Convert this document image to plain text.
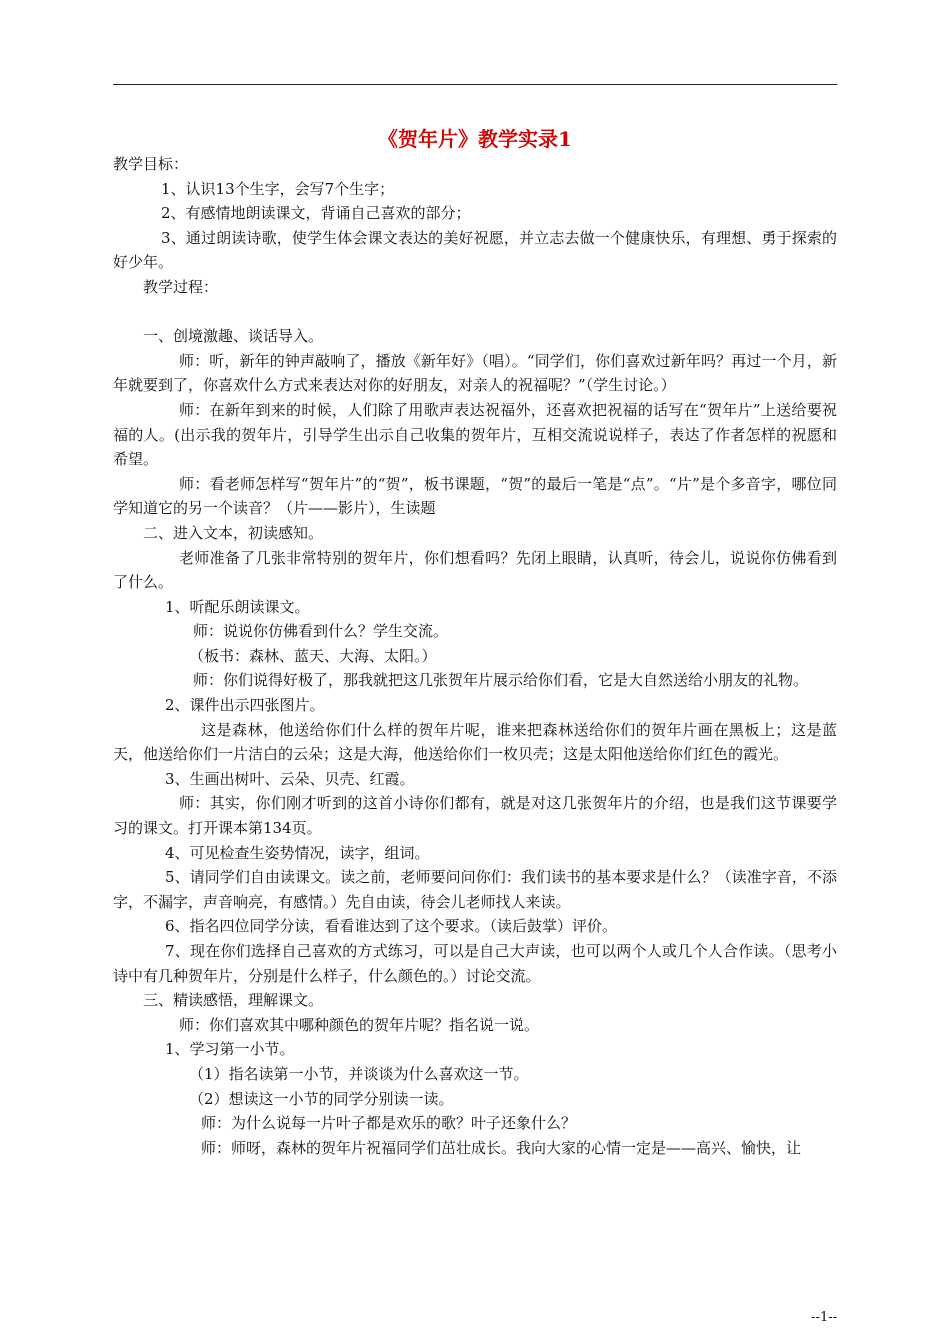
《贺年片》教学实录1

教学目标：

1、认识13个生字，会写7个生字；

2、有感情地朗读课文，背诵自己喜欢的部分；

3、通过朗读诗歌，使学生体会课文表达的美好祝愿，并立志去做一个健康快乐，有理想、勇于探索的好少年。

教学过程：

一、创境激趣、谈话导入。

师：听，新年的钟声敲响了，播放《新年好》（唱）。“同学们，你们喜欢过新年吗？再过一个月，新年就要到了，你喜欢什么方式来表达对你的好朋友，对亲人的祝福呢？”（学生讨论。）

师：在新年到来的时候，人们除了用歌声表达祝福外，还喜欢把祝福的话写在“贺年片”上送给要祝福的人。(出示我的贺年片，引导学生出示自己收集的贺年片，互相交流说说样子，表达了作者怎样的祝愿和希望。

师：看老师怎样写“贺年片”的“贺”，板书课题，“贺”的最后一笔是“点”。“片”是个多音字，哪位同学知道它的另一个读音？（片——影片），生读题

二、进入文本，初读感知。

老师准备了几张非常特别的贺年片，你们想看吗？先闭上眼睛，认真听，待会儿，说说你仿佛看到了什么。

1、听配乐朗读课文。

师：说说你仿佛看到什么？学生交流。

（板书：森林、蓝天、大海、太阳。）

师：你们说得好极了，那我就把这几张贺年片展示给你们看，它是大自然送给小朋友的礼物。

2、课件出示四张图片。

这是森林，他送给你们什么样的贺年片呢，谁来把森林送给你们的贺年片画在黑板上；这是蓝天，他送给你们一片洁白的云朵；这是大海，他送给你们一枚贝壳；这是太阳他送给你们红色的霞光。

3、生画出树叶、云朵、贝壳、红霞。

师：其实，你们刚才听到的这首小诗你们都有，就是对这几张贺年片的介绍，也是我们这节课要学习的课文。打开课本第134页。

4、可见检查生姿势情况，读字，组词。

5、请同学们自由读课文。读之前，老师要问问你们：我们读书的基本要求是什么？（读准字音，不添字，不漏字，声音响亮，有感情。）先自由读，待会儿老师找人来读。

6、指名四位同学分读，看看谁达到了这个要求。（读后鼓掌）评价。

7、现在你们选择自己喜欢的方式练习，可以是自己大声读，也可以两个人或几个人合作读。（思考小诗中有几种贺年片，分别是什么样子，什么颜色的。）讨论交流。

三、精读感悟，理解课文。

师：你们喜欢其中哪种颜色的贺年片呢？指名说一说。

1、学习第一小节。

（1）指名读第一小节，并谈谈为什么喜欢这一节。

（2）想读这一小节的同学分别读一读。

师：为什么说每一片叶子都是欢乐的歌？叶子还象什么？

师：师呀，森林的贺年片祝福同学们茁壮成长。我向大家的心情一定是——高兴、愉快，让

--1--
